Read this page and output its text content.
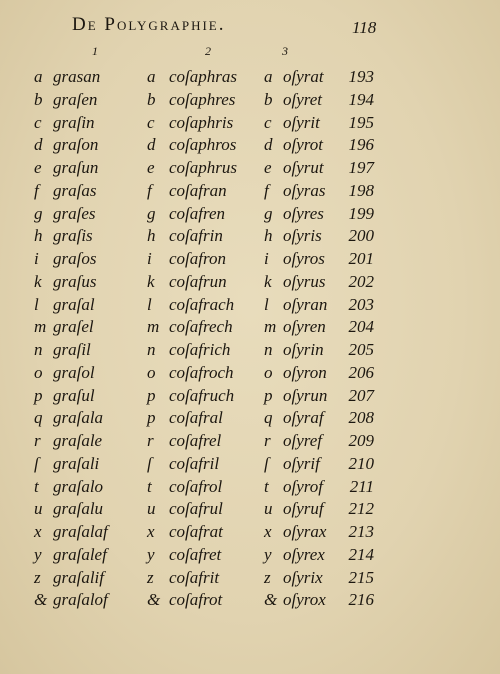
De Polygraphie.	118
1	2	3
a grasan	a coſaphras a oſyrat 193
b graſen	b coſaphres b oſyret 194
c graſin	c coſaphris c oſyrit 195
d graſon	d coſaphros d oſyrot 196
e graſun	e coſaphrus e oſyrut 197
f graſas	f coſafran f oſyras 198
g graſes	g coſafren g oſyres 199
h graſis	h coſafrin h oſyris 200
i graſos	i coſafron i oſyros 201
k graſus	k coſafrun k oſyrus 202
l graſal	l coſafrach l oſyran 203
m graſel	m coſafrech m oſyren 204
n graſil	n coſafrich n oſyrin 205
o graſol	o coſafroch o oſyron 206
p graſul	p coſafruch p oſyrun 207
q graſala	p coſafral q oſyraf 208
r graſale	r coſafrel	r oſyref 209
ſ graſali	ſ coſafril	ſ oſyrif 210
t graſalo	t coſafrol t oſyrof 211
u graſalu	u coſafrul u oſyruf 212
x graſalaf x coſafrat x oſyrax 213
y graſalef y coſafret	y oſyrex 214
z graſalif	z coſafrit	z oſyrix 215
& graſalof & coſafrot & oſyrox 216
